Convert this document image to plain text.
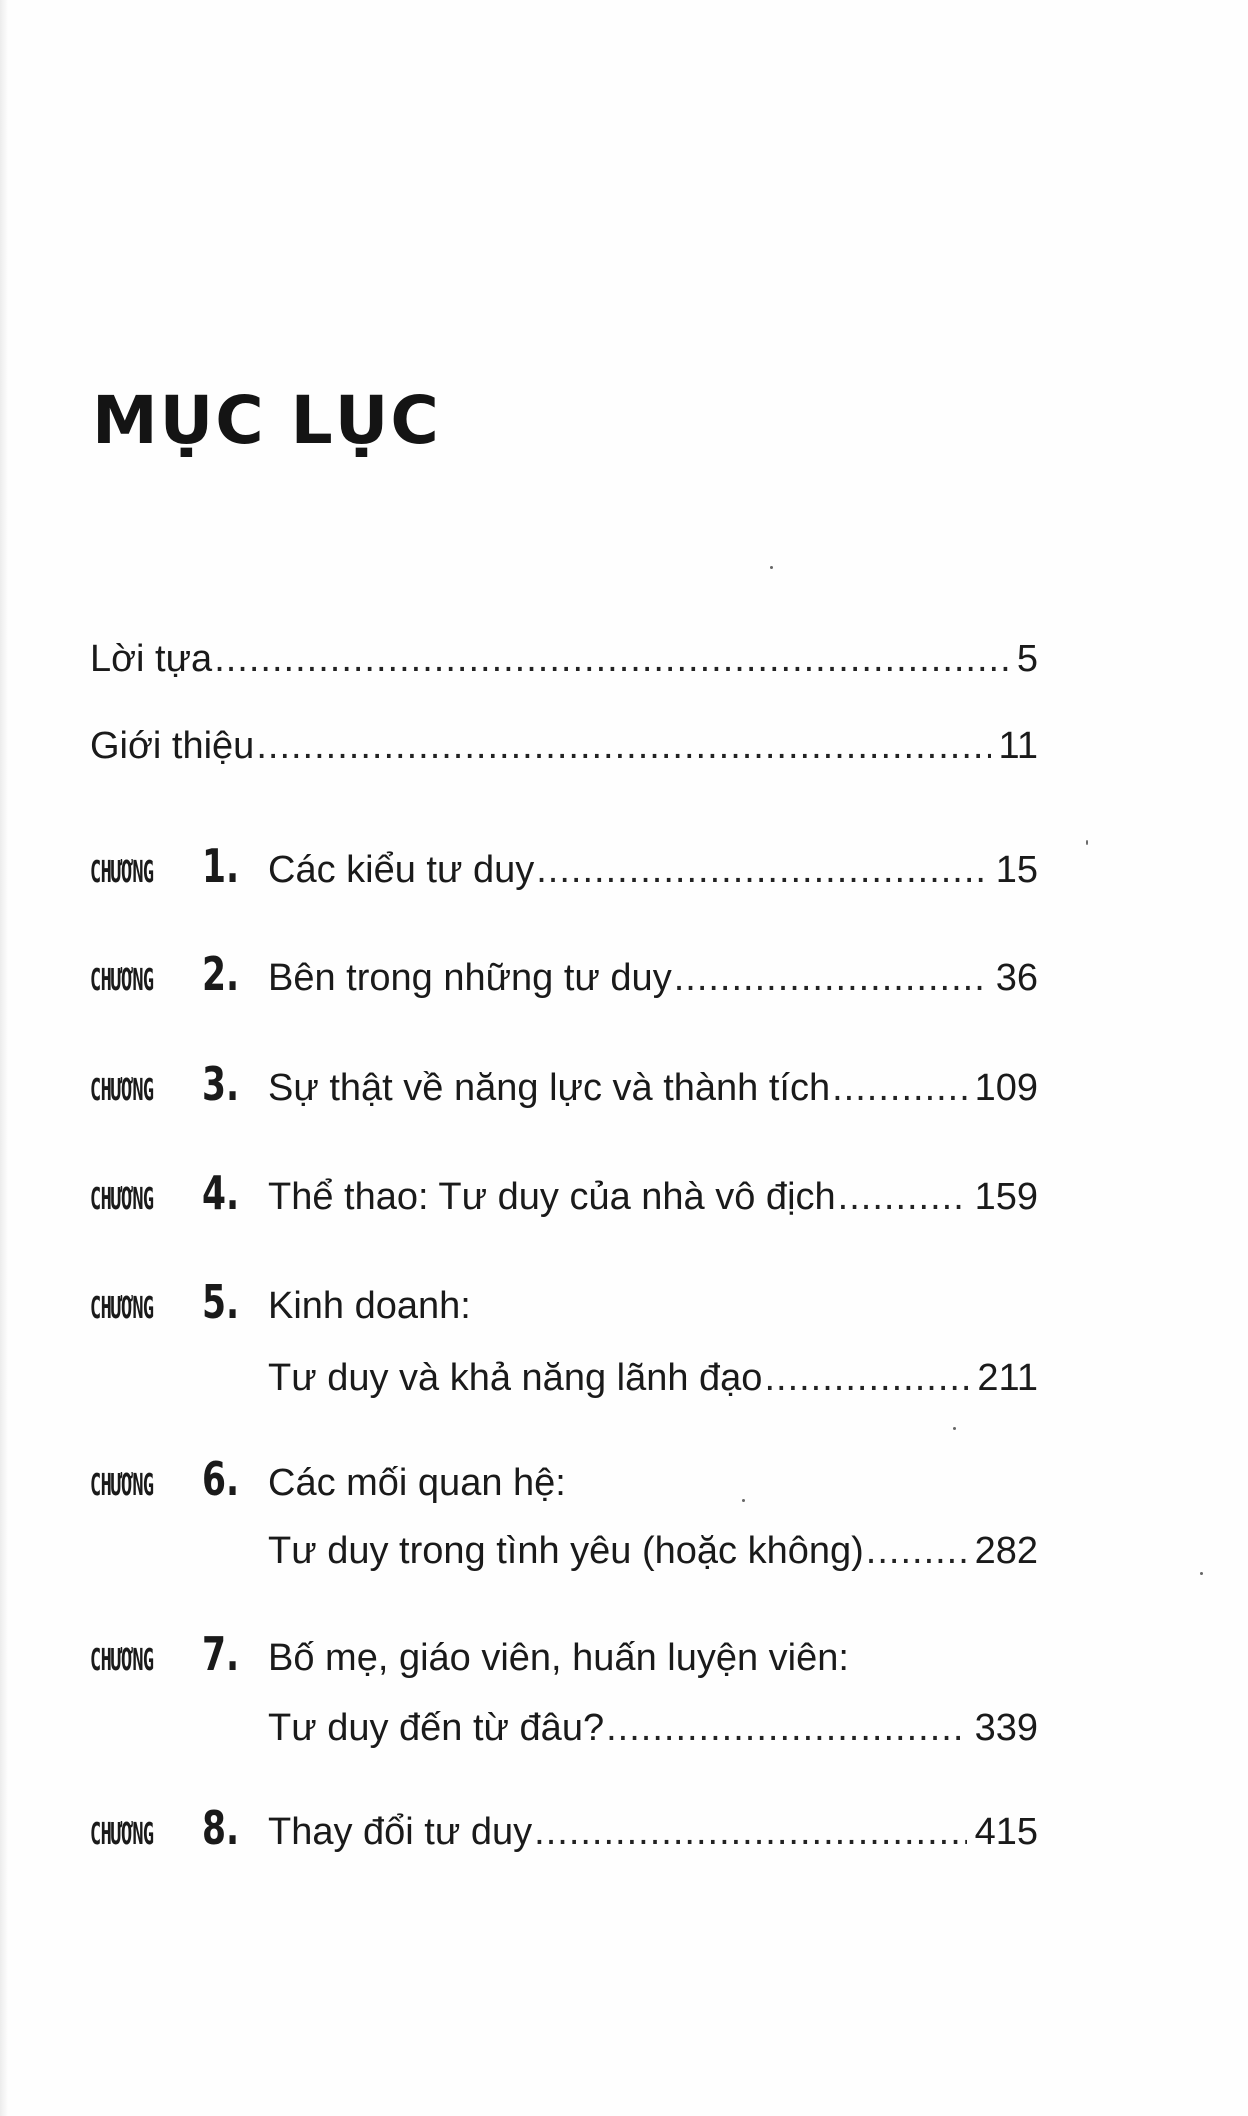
MỤC LỤC
Lời tựa .....	5
Giới thiệu .....	11
CHƯƠNG 1. Các kiểu tư duy .....	15
CHƯƠNG 2. Bên trong những tư duy .....	36
CHƯƠNG 3. Sự thật về năng lực và thành tích .....	109
CHƯƠNG 4. Thể thao: Tư duy của nhà vô địch .....	159
CHƯƠNG 5. Kinh doanh:
Tư duy và khả năng lãnh đạo .....	211
CHƯƠNG 6. Các mối quan hệ:
Tư duy trong tình yêu (hoặc không) .....	282
CHƯƠNG 7. Bố mẹ, giáo viên, huấn luyện viên:
Tư duy đến từ đâu? .....	339
CHƯƠNG 8. Thay đổi tư duy .....	415
